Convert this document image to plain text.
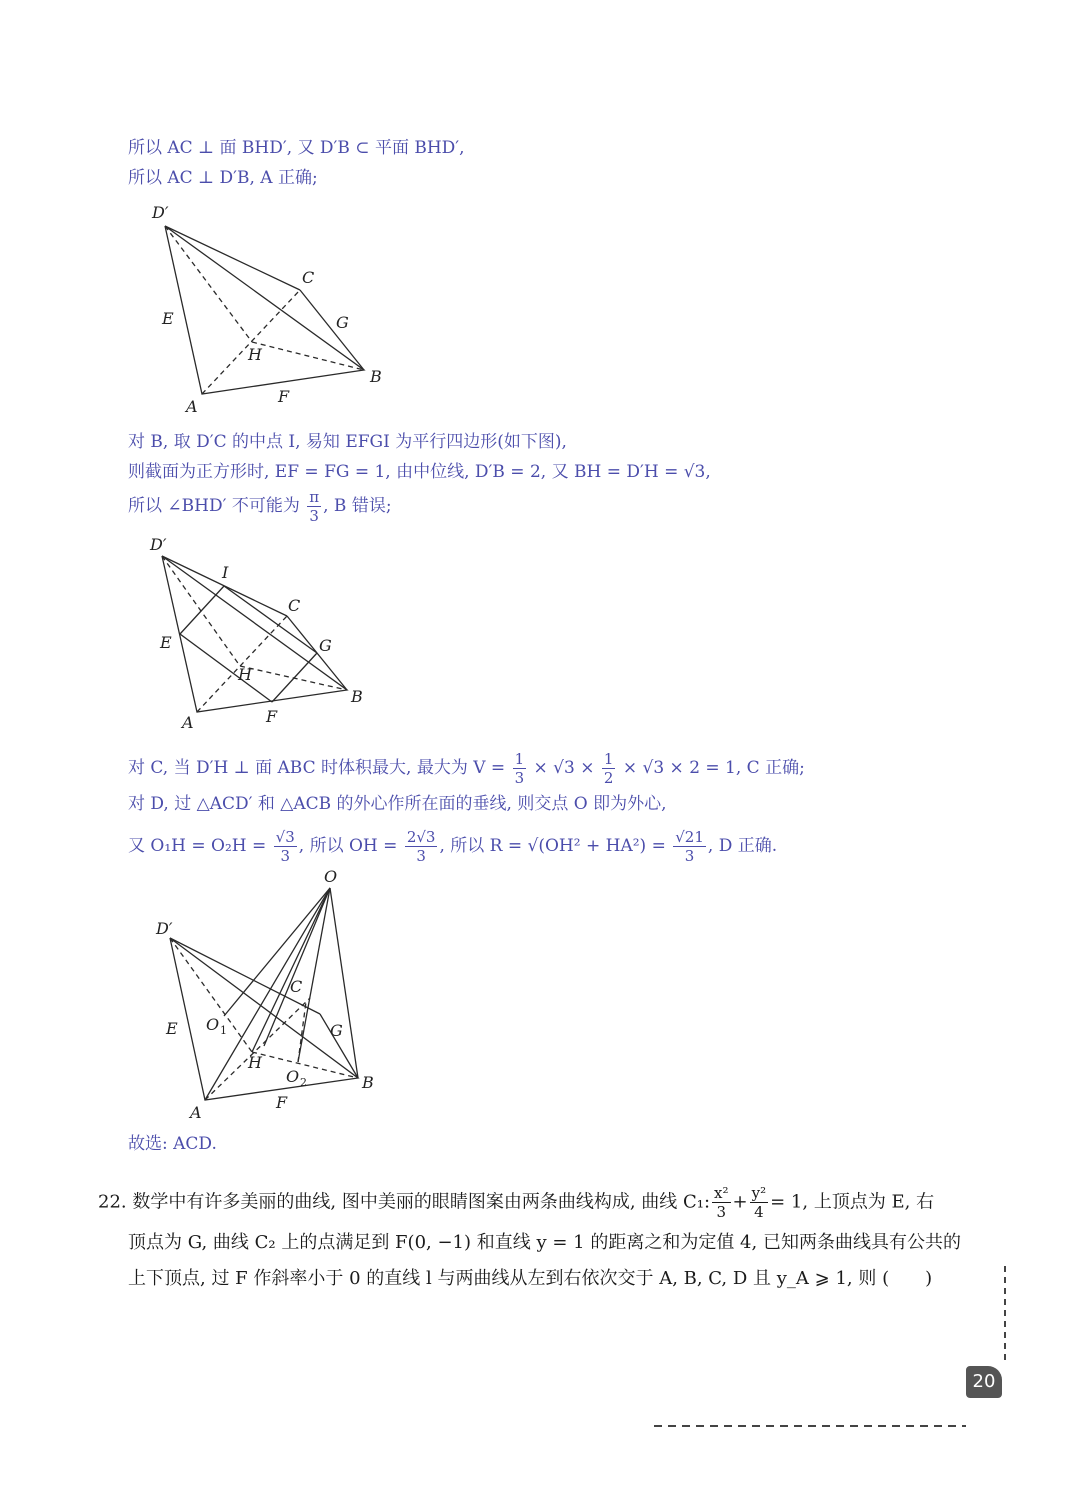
所以 AC ⊥ 面 BHD′, 又 D′B ⊂ 平面 BHD′,
所以 AC ⊥ D′B, A 正确;
D′
C
E	G
H
B
A
F
对 B, 取 D′C 的中点 I, 易知 EFGI 为平行四边形(如下图),
则截面为正方形时, EF = FG = 1, 由中位线, D′B = 2, 又 BH = D′H = √3,
所以 ∠BHD′ 不可能为 $\frac{\pi}{3}$ , B 错误;
D′
I
C
E	G
H
B
A	F
对 C, 当 D′H ⊥ 面 ABC 时体积最大, 最大为 $V = \frac{1}{3} \times √3 \times \frac{1}{2} \times √3 \times 2 = 1$, C 正确;
对 D, 过 △ACD′ 和 △ACB 的外心作所在面的垂线, 则交点 O 即为外心,
又 $O_1H = O_2H = \frac{√3}{3}$ , 所以 OH = $\frac{2√3}{3}$ , 所以 $R = √(OH^2 + HA^2) = \frac{√21}{3}$ , D 正确.
O
D′
C
E O 1	G
H
O 2	B
A
F
故选: ACD.
22. 数学中有许多美丽的曲线, 图中美丽的眼睛图案由两条曲线构成, 曲线 C₁: $\frac{\text{x²}}{3} + \frac{\text{y²}}{4} = 1$, 上顶点为 E, 右
顶点为 G, 曲线 C₂ 上的点满足到 F(0, −1) 和直线 y = 1 的距离之和为定值 4, 已知两条曲线具有公共的
上下顶点, 过 F 作斜率小于 0 的直线 l 与两曲线从左到右依次交于 A, B, C, D 且 y_A ⩾ 1, 则 (　　)
20
